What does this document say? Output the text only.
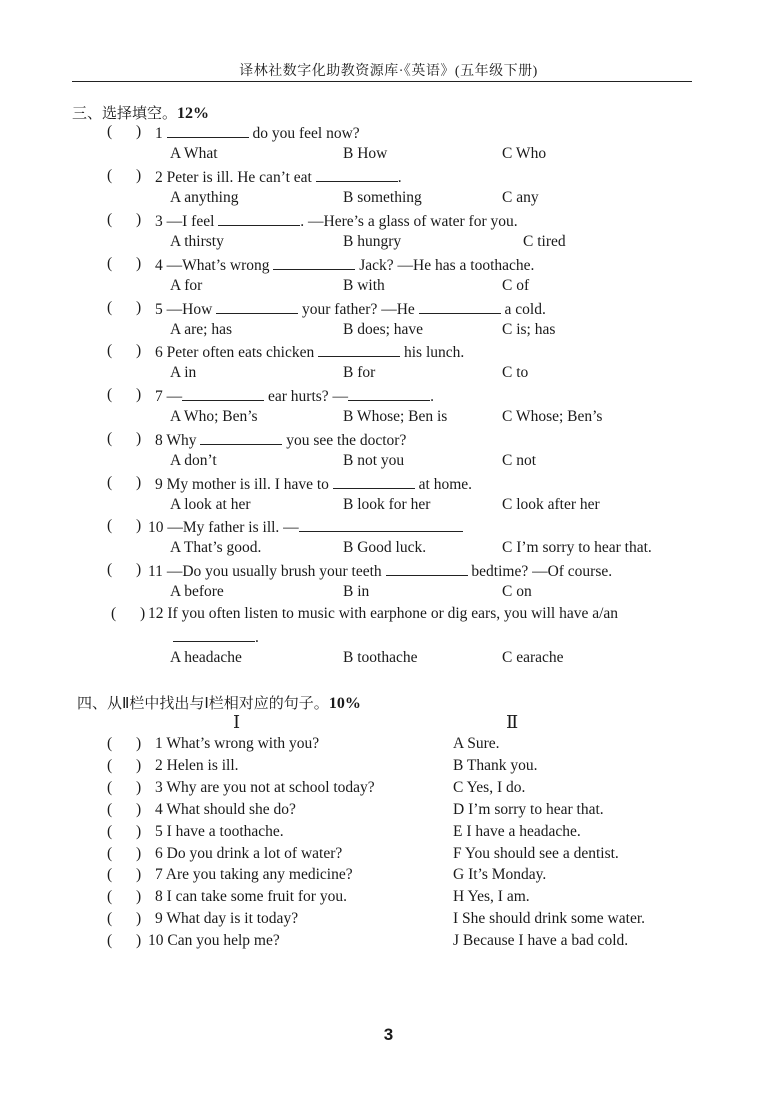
译林社数字化助教资源库·《英语》(五年级下册)
三、选择填空。12%
( ) 1	do you feel now?
A What	B How	C Who
( ) 2 Peter is ill. He can’t eat	.
A anything	B something	C any
( ) 3 —I feel	. —Here’s a glass of water for you.
A thirsty	B hungry	C tired
( ) 4 —What’s wrong	Jack? —He has a toothache.
A for	B with	C of
( ) 5 —How	your father? —He	a cold.
A are; has	B does; have	C is; has
( ) 6 Peter often eats chicken	his lunch.
A in	B for	C to
( ) 7 —	ear hurts? —	.
A Who; Ben’s	B Whose; Ben is	C Whose; Ben’s
( ) 8 Why	you see the doctor?
A don’t	B not you	C not
( ) 9 My mother is ill. I have to	at home.
A look at her	B look for her	C look after her
( ) 10 —My father is ill. —
A That’s good.	B Good luck.	C I’m sorry to hear that.
( ) 11 —Do you usually brush your teeth	bedtime? —Of course.
A before	B in	C on
( ) 12 If you often listen to music with earphone or dig ears, you will have a/an
.
A headache	B toothache	C earache
四、从Ⅱ栏中找出与Ⅰ栏相对应的句子。10%
Ⅰ	Ⅱ
( ) 1 What’s wrong with you?	A Sure.
( ) 2 Helen is ill.	B Thank you.
( ) 3 Why are you not at school today?	C Yes, I do.
( ) 4 What should she do?	D I’m sorry to hear that.
( ) 5 I have a toothache.	E I have a headache.
( ) 6 Do you drink a lot of water?	F You should see a dentist.
( ) 7 Are you taking any medicine?	G It’s Monday.
( ) 8 I can take some fruit for you.	H Yes, I am.
( ) 9 What day is it today?	I She should drink some water.
( ) 10 Can you help me?	J Because I have a bad cold.
3
